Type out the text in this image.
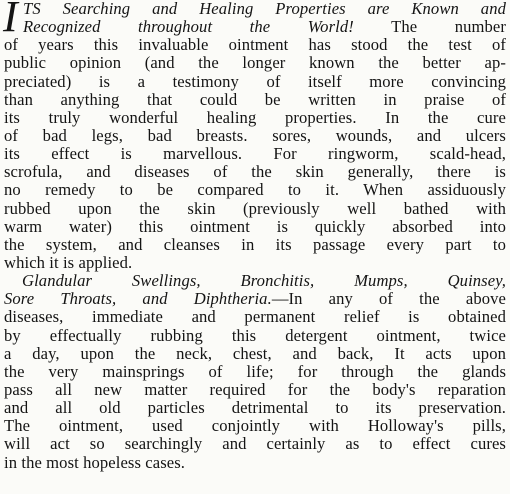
I TS Searching and Healing Properties are Known and
Recognized throughout the World! The number
of years this invaluable ointment has stood the test of
public opinion (and the longer known the better ap-
preciated) is a testimony of itself more convincing
than anything that could be written in praise of
its truly wonderful healing properties. In the cure
of bad legs, bad breasts. sores, wounds, and ulcers
its effect is marvellous. For ringworm, scald-head,
scrofula, and diseases of the skin generally, there is
no remedy to be compared to it. When assiduously
rubbed upon the skin (previously well bathed with
warm water) this ointment is quickly absorbed into
the system, and cleanses in its passage every part to
which it is applied.
Glandular Swellings, Bronchitis, Mumps, Quinsey,
Sore Throats, and Diphtheria.—In any of the above
diseases, immediate and permanent relief is obtained
by effectually rubbing this detergent ointment, twice
a day, upon the neck, chest, and back, It acts upon
the very mainsprings of life; for through the glands
pass all new matter required for the body's reparation
and all old particles detrimental to its preservation.
The ointment, used conjointly with Holloway's pills,
will act so searchingly and certainly as to effect cures
in the most hopeless cases.
